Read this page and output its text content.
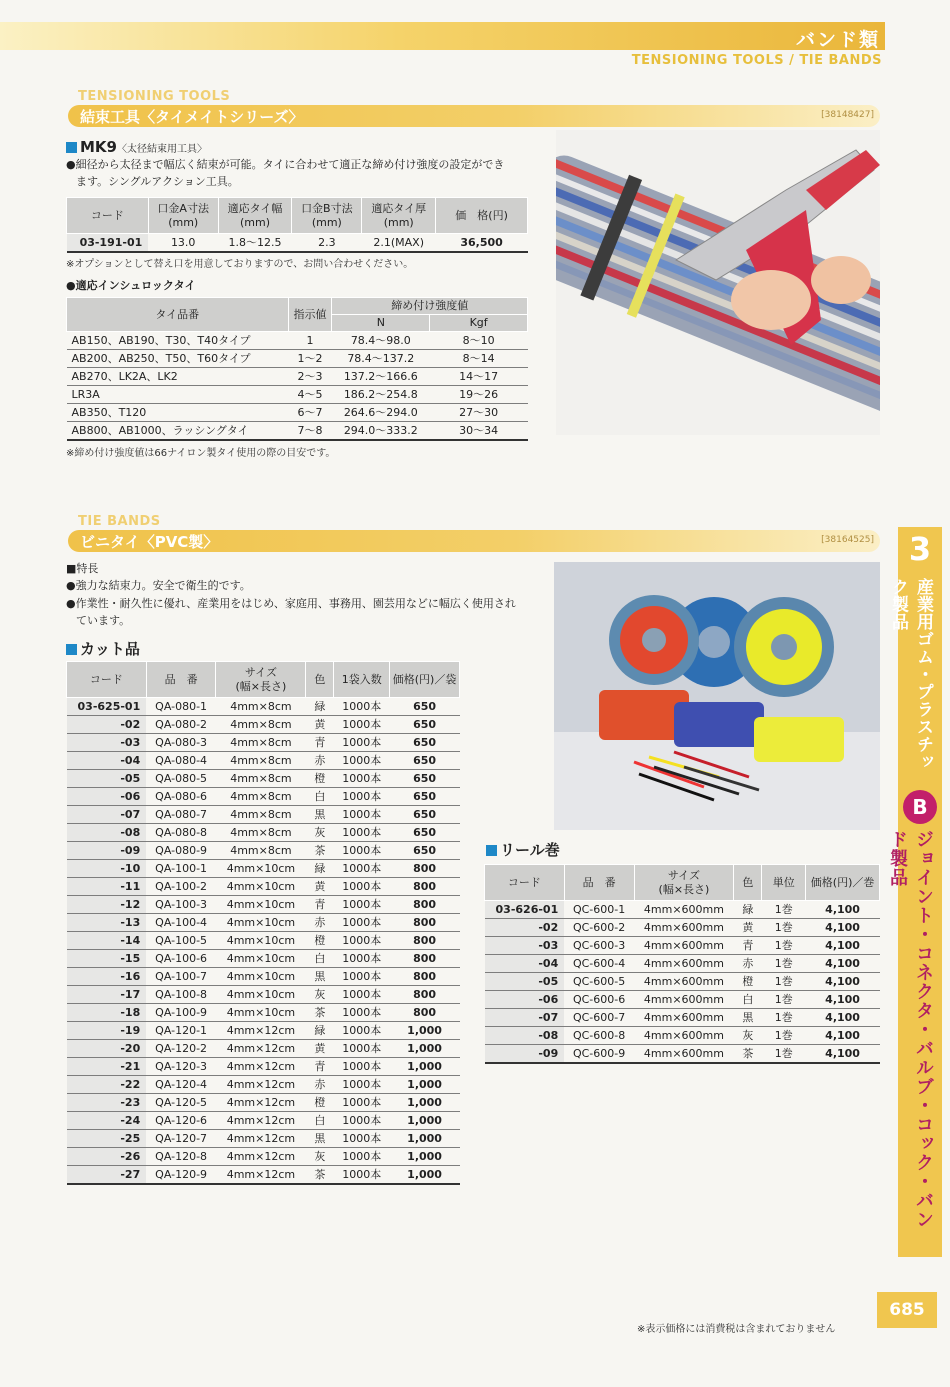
バンド類
TENSIONING TOOLS / TIE BANDS
3
産業用ゴム・プラスチック製品
B
ジョイント・コネクタ・バルブ・コック・バンド製品
TENSIONING TOOLS
結束工具〈タイメイトシリーズ〉	[38148427]
MK9〈太径結束用工具〉
●細径から太径まで幅広く結束が可能。タイに合わせて適正な締め付け強度の設定ができ
ます。シングルアクション工具。
コード	口金A寸法
(mm)	適応タイ幅
(mm)	口金B寸法
(mm)	適応タイ厚
(mm)	価　格(円)
03-191-01	13.0	1.8～12.5	2.3	2.1(MAX)	36,500
※オプションとして替え口を用意しておりますので、お問い合わせください。
●適応インシュロックタイ
タイ品番	指示値	締め付け強度値	
		N	Kgf
AB150、AB190、T30、T40タイプ	1	78.4～98.0	8～10
AB200、AB250、T50、T60タイプ	1～2	78.4～137.2	8～14
AB270、LK2A、LK2	2～3	137.2～166.6	14～17
LR3A	4～5	186.2～254.8	19～26
AB350、T120	6～7	264.6～294.0	27～30
AB800、AB1000、ラッシングタイ	7～8	294.0～333.2	30～34
※締め付け強度値は66ナイロン製タイ使用の際の目安です。
TIE BANDS
ビニタイ〈PVC製〉	[38164525]
■特長
●強力な結束力。安全で衛生的です。
●作業性・耐久性に優れ、産業用をはじめ、家庭用、事務用、園芸用などに幅広く使用され
ています。
カット品
コード	品　番	サイズ
(幅×長さ)	色	1袋入数	価格(円)／袋
03-625-01	QA-080-1	4mm×8cm	緑	1000本	650
-02	QA-080-2	4mm×8cm	黄	1000本	650
-03	QA-080-3	4mm×8cm	青	1000本	650
-04	QA-080-4	4mm×8cm	赤	1000本	650
-05	QA-080-5	4mm×8cm	橙	1000本	650
-06	QA-080-6	4mm×8cm	白	1000本	650
-07	QA-080-7	4mm×8cm	黒	1000本	650
-08	QA-080-8	4mm×8cm	灰	1000本	650
-09	QA-080-9	4mm×8cm	茶	1000本	650
-10	QA-100-1	4mm×10cm	緑	1000本	800
-11	QA-100-2	4mm×10cm	黄	1000本	800
-12	QA-100-3	4mm×10cm	青	1000本	800
-13	QA-100-4	4mm×10cm	赤	1000本	800
-14	QA-100-5	4mm×10cm	橙	1000本	800
-15	QA-100-6	4mm×10cm	白	1000本	800
-16	QA-100-7	4mm×10cm	黒	1000本	800
-17	QA-100-8	4mm×10cm	灰	1000本	800
-18	QA-100-9	4mm×10cm	茶	1000本	800
-19	QA-120-1	4mm×12cm	緑	1000本	1,000
-20	QA-120-2	4mm×12cm	黄	1000本	1,000
-21	QA-120-3	4mm×12cm	青	1000本	1,000
-22	QA-120-4	4mm×12cm	赤	1000本	1,000
-23	QA-120-5	4mm×12cm	橙	1000本	1,000
-24	QA-120-6	4mm×12cm	白	1000本	1,000
-25	QA-120-7	4mm×12cm	黒	1000本	1,000
-26	QA-120-8	4mm×12cm	灰	1000本	1,000
-27	QA-120-9	4mm×12cm	茶	1000本	1,000
リール巻
コード	品　番	サイズ
(幅×長さ)	色	単位	価格(円)／巻
03-626-01	QC-600-1	4mm×600mm	緑	1巻	4,100
-02	QC-600-2	4mm×600mm	黄	1巻	4,100
-03	QC-600-3	4mm×600mm	青	1巻	4,100
-04	QC-600-4	4mm×600mm	赤	1巻	4,100
-05	QC-600-5	4mm×600mm	橙	1巻	4,100
-06	QC-600-6	4mm×600mm	白	1巻	4,100
-07	QC-600-7	4mm×600mm	黒	1巻	4,100
-08	QC-600-8	4mm×600mm	灰	1巻	4,100
-09	QC-600-9	4mm×600mm	茶	1巻	4,100
685
※表示価格には消費税は含まれておりません
